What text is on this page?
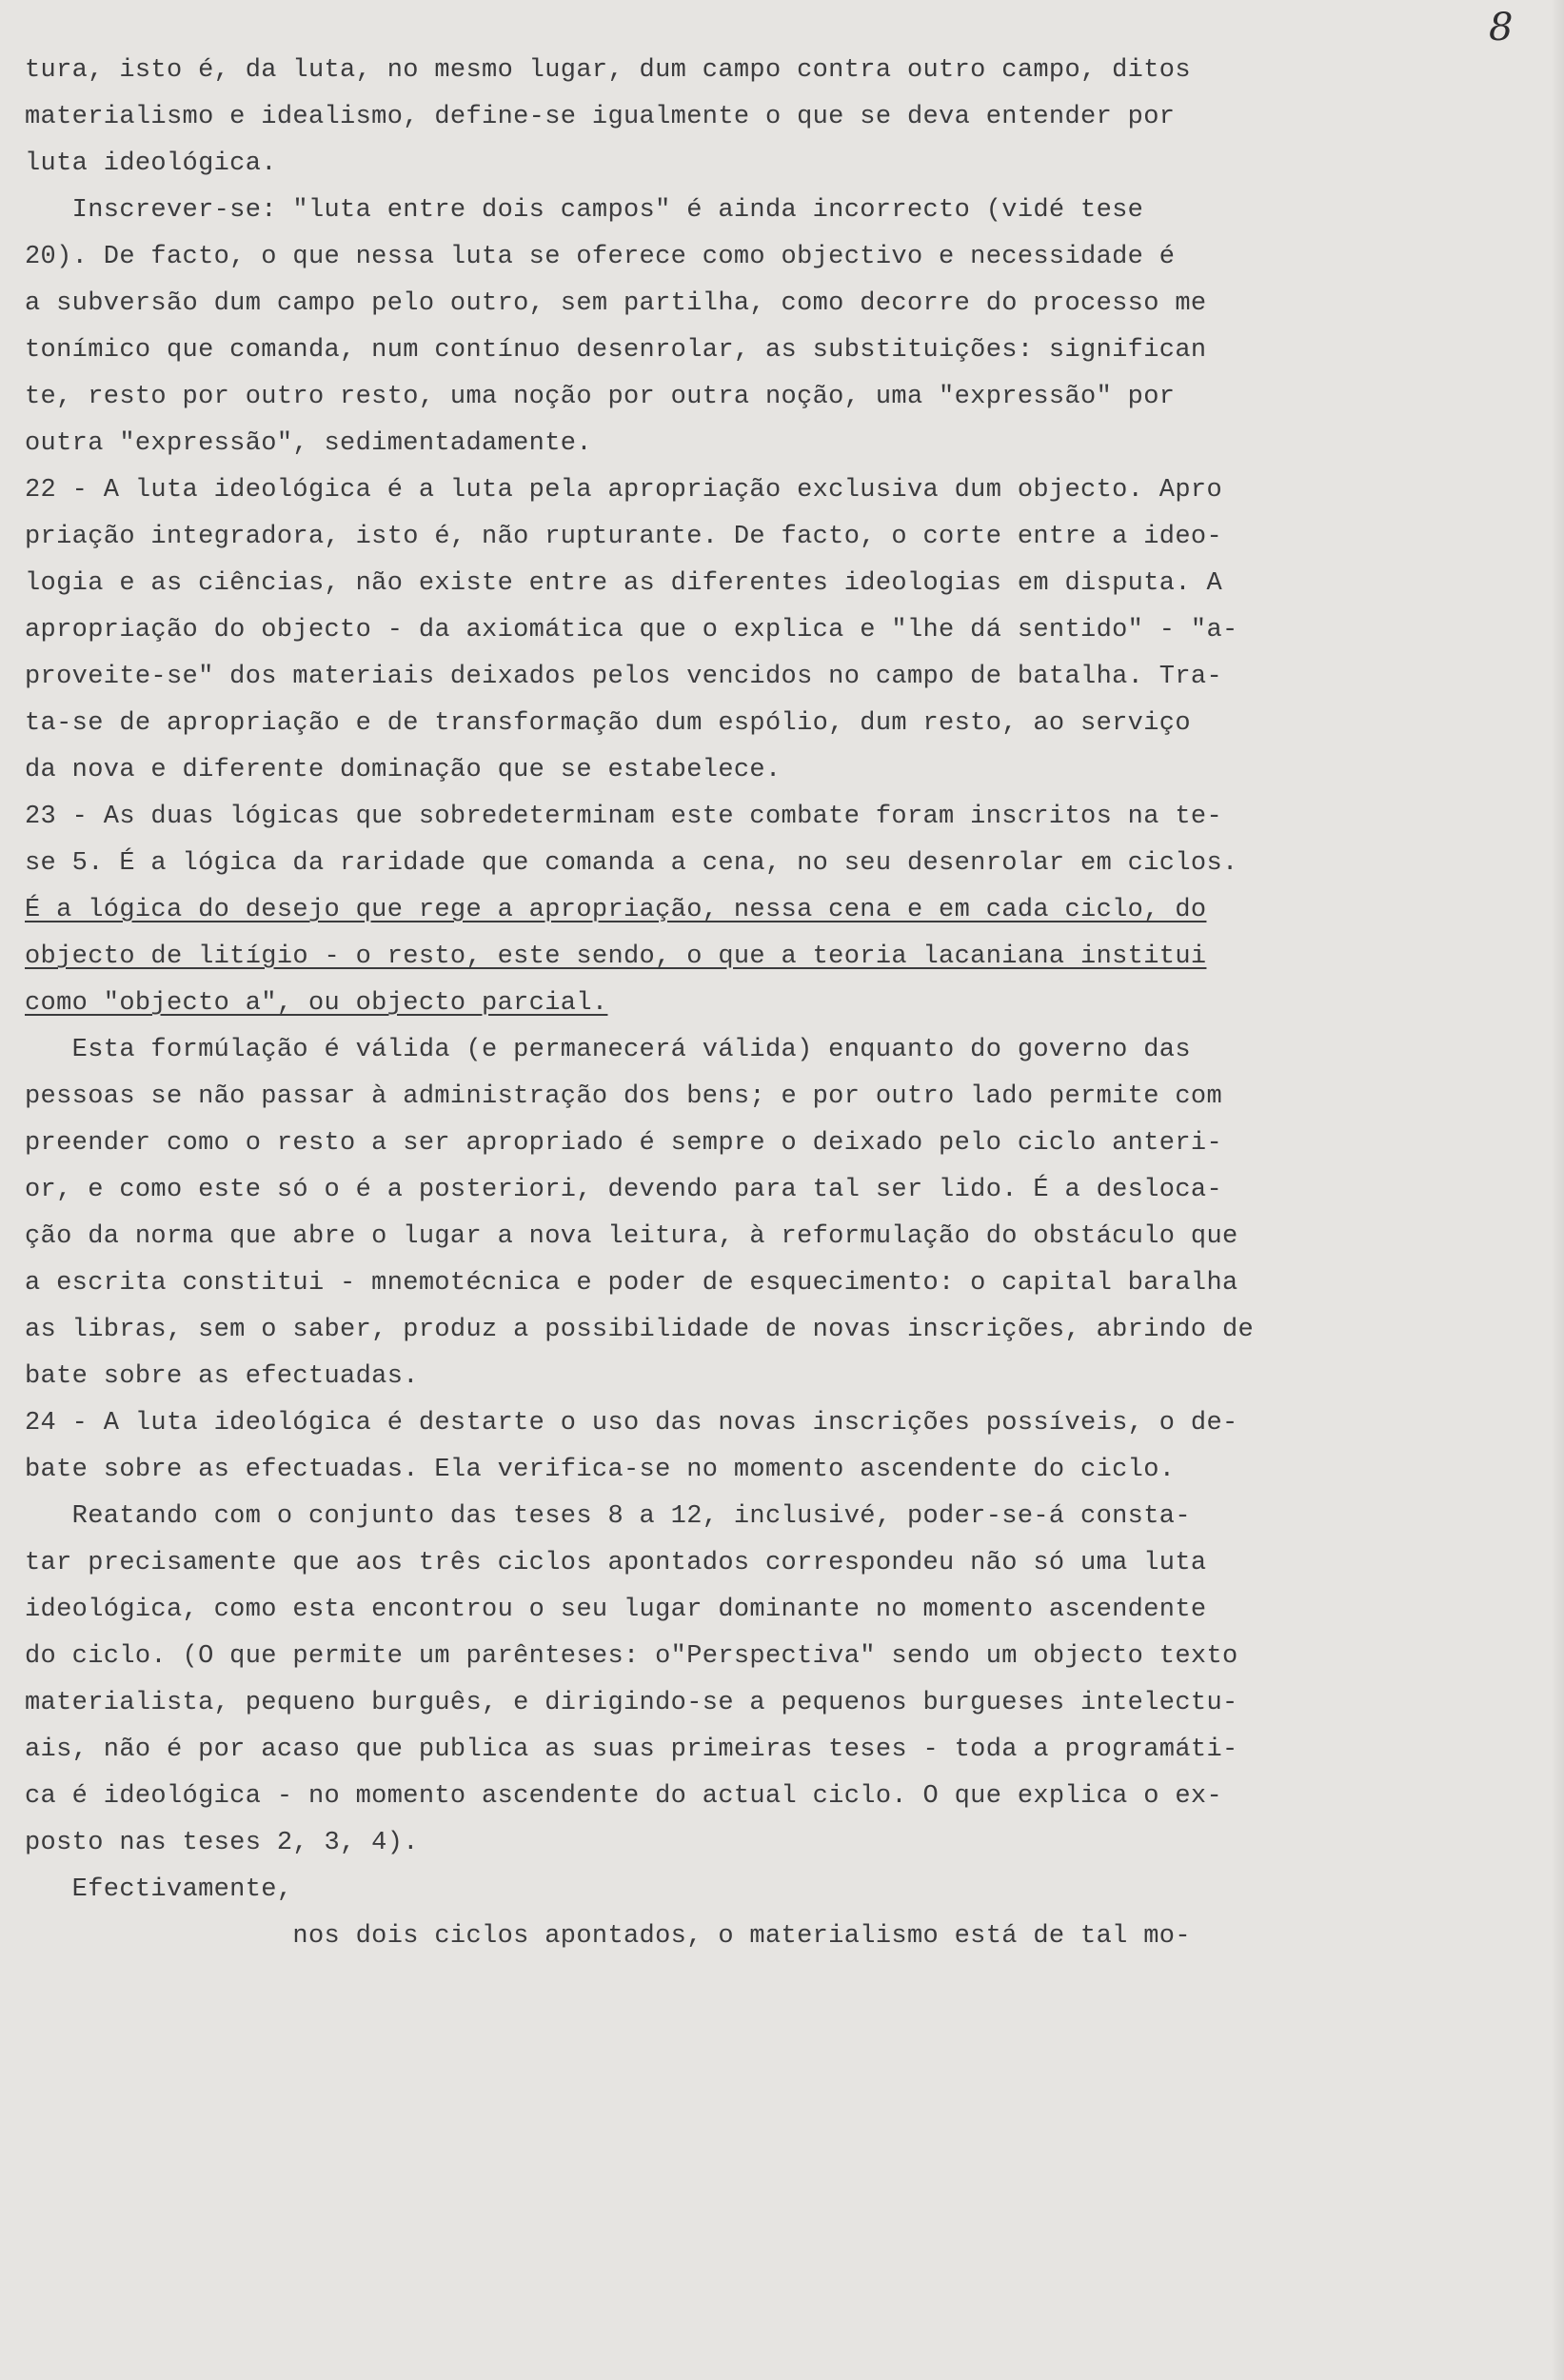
8
tura, isto é, da luta, no mesmo lugar, dum campo contra outro campo, ditos
materialismo e idealismo, define-se igualmente o que se deva entender por
luta ideológica.
Inscrever-se: "luta entre dois campos" é ainda incorrecto (vidé tese
20). De facto, o que nessa luta se oferece como objectivo e necessidade é
a subversão dum campo pelo outro, sem partilha, como decorre do processo me
tonímico que comanda, num contínuo desenrolar, as substituições: significan
te, resto por outro resto, uma noção por outra noção, uma "expressão" por
outra "expressão", sedimentadamente.
22 - A luta ideológica é a luta pela apropriação exclusiva dum objecto. Apro
priação integradora, isto é, não rupturante. De facto, o corte entre a ideo-
logia e as ciências, não existe entre as diferentes ideologias em disputa. A
apropriação do objecto - da axiomática que o explica e "lhe dá sentido" - "a-
proveite-se" dos materiais deixados pelos vencidos no campo de batalha. Tra-
ta-se de apropriação e de transformação dum espólio, dum resto, ao serviço
da nova e diferente dominação que se estabelece.
23 - As duas lógicas que sobredeterminam este combate foram inscritos na te-
se 5. É a lógica da raridade que comanda a cena, no seu desenrolar em ciclos.
É a lógica do desejo que rege a apropriação, nessa cena e em cada ciclo, do
objecto de litígio - o resto, este sendo, o que a teoria lacaniana institui
como "objecto a", ou objecto parcial.
Esta formúlação é válida (e permanecerá válida) enquanto do governo das
pessoas se não passar à administração dos bens; e por outro lado permite com
preender como o resto a ser apropriado é sempre o deixado pelo ciclo anteri-
or, e como este só o é a posteriori, devendo para tal ser lido. É a desloca-
ção da norma que abre o lugar a nova leitura, à reformulação do obstáculo que
a escrita constitui - mnemotécnica e poder de esquecimento: o capital baralha
as libras, sem o saber, produz a possibilidade de novas inscrições, abrindo de
bate sobre as efectuadas.
24 - A luta ideológica é destarte o uso das novas inscrições possíveis, o de-
bate sobre as efectuadas. Ela verifica-se no momento ascendente do ciclo.
Reatando com o conjunto das teses 8 a 12, inclusivé, poder-se-á consta-
tar precisamente que aos três ciclos apontados correspondeu não só uma luta
ideológica, como esta encontrou o seu lugar dominante no momento ascendente
do ciclo. (O que permite um parênteses: o"Perspectiva" sendo um objecto texto
materialista, pequeno burguês, e dirigindo-se a pequenos burgueses intelectu-
ais, não é por acaso que publica as suas primeiras teses - toda a programáti-
ca é ideológica - no momento ascendente do actual ciclo. O que explica o ex-
posto nas teses 2, 3, 4).
Efectivamente,
nos dois ciclos apontados, o materialismo está de tal mo-
